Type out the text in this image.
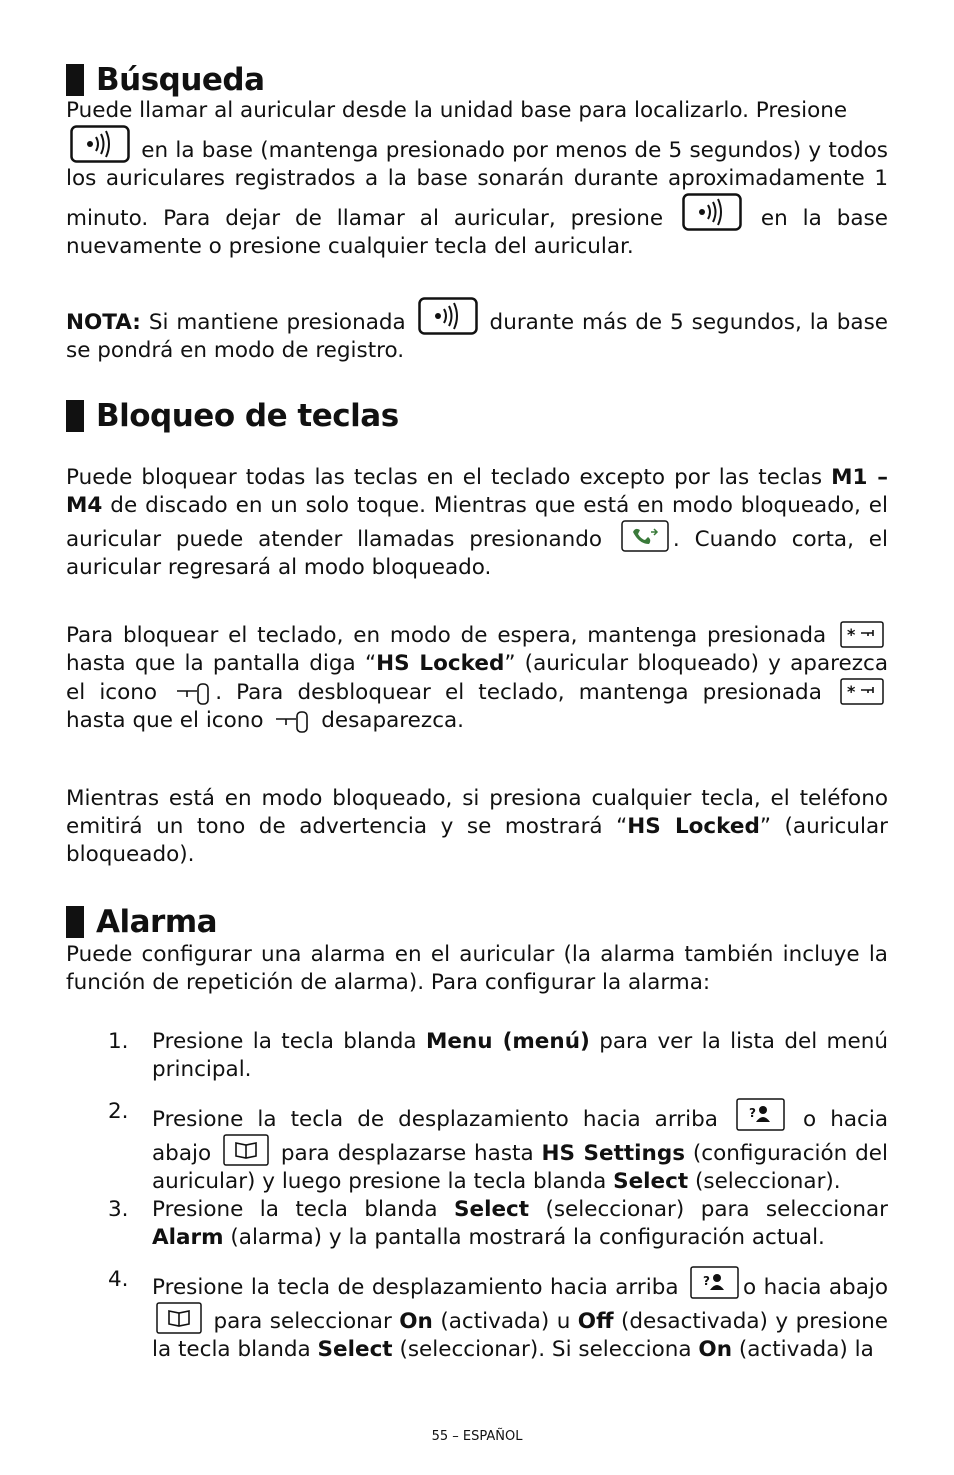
Búsqueda

Puede llamar al auricular desde la unidad base para localizarlo. Presione
en la base (mantenga presionado por menos de 5 segundos) y todos los auriculares registrados a la base sonarán durante aproximadamente 1 minuto. Para dejar de llamar al auricular, presione	en la base nuevamente o presione cualquier tecla del auricular.

NOTA: Si mantiene presionada	durante más de 5 segundos, la base se pondrá en modo de registro.

Bloqueo de teclas

Puede bloquear todas las teclas en el teclado excepto por las teclas M1 – M4 de discado en un solo toque. Mientras que está en modo bloqueado, el auricular puede atender llamadas presionando	. Cuando corta, el auricular regresará al modo bloqueado.

Para bloquear el teclado, en modo de espera, mantenga presionada  hasta que la pantalla diga “HS Locked” (auricular bloqueado) y aparezca el icono	. Para desbloquear el teclado, mantenga presionada  hasta que el icono	desaparezca.

Mientras está en modo bloqueado, si presiona cualquier tecla, el teléfono emitirá un tono de advertencia y se mostrará “HS Locked” (auricular bloqueado).

Alarma

Puede configurar una alarma en el auricular (la alarma también incluye la función de repetición de alarma). Para configurar la alarma:

1. Presione la tecla blanda Menu (menú) para ver la lista del menú principal.
2. Presione la tecla de desplazamiento hacia arriba	o hacia abajo	para desplazarse hasta HS Settings (configuración del auricular) y luego presione la tecla blanda Select (seleccionar).
3. Presione la tecla blanda Select (seleccionar) para seleccionar Alarm (alarma) y la pantalla mostrará la configuración actual.
4. Presione la tecla de desplazamiento hacia arriba	o hacia abajo  para seleccionar On (activada) u Off (desactivada) y presione la tecla blanda Select (seleccionar). Si selecciona On (activada) la
55 – ESPAÑOL
